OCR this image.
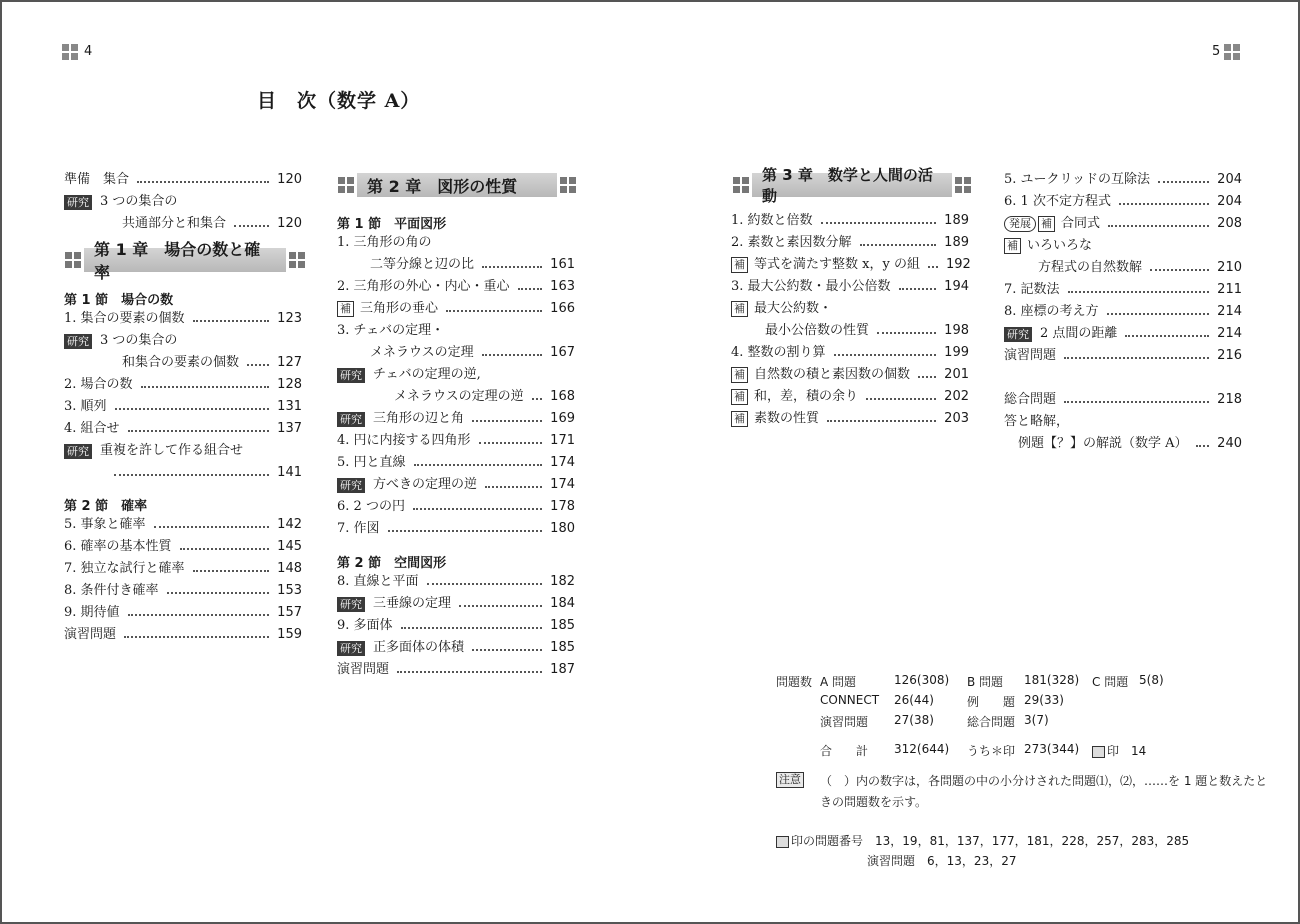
4	5
目　次（数学 A）
準備　集合	120
研究 3 つの集合の
共通部分と和集合	120
第 1 章　場合の数と確率
第 1 節　場合の数
1. 集合の要素の個数	123
研究 3 つの集合の
和集合の要素の個数	127
2. 場合の数	128
3. 順列	131
4. 組合せ	137
研究 重複を許して作る組合せ
141
第 2 節　確率
5. 事象と確率	142
6. 確率の基本性質	145
7. 独立な試行と確率	148
8. 条件付き確率	153
9. 期待値	157
演習問題	159
第 2 章　図形の性質
第 1 節　平面図形
1. 三角形の角の
二等分線と辺の比	161
2. 三角形の外心・内心・重心	163
補 三角形の垂心	166
3. チェバの定理・
メネラウスの定理	167
研究 チェバの定理の逆,
メネラウスの定理の逆 168
研究 三角形の辺と角	169
4. 円に内接する四角形	171
5. 円と直線	174
研究 方べきの定理の逆	174
6. 2 つの円	178
7. 作図	180
第 2 節　空間図形
8. 直線と平面	182
研究 三垂線の定理	184
9. 多面体	185
研究 正多面体の体積	185
演習問題	187
第 3 章　数学と人間の活動
1. 約数と倍数	189
2. 素数と素因数分解	189
補 等式を満たす整数 x，y の組 192
3. 最大公約数・最小公倍数	194
補 最大公約数・
最小公倍数の性質	198
4. 整数の割り算	199
補 自然数の積と素因数の個数	201
補 和，差，積の余り	202
補 素数の性質	203
5. ユークリッドの互除法	204
6. 1 次不定方程式	204
発展 補 合同式	208
補 いろいろな
方程式の自然数解	210
7. 記数法	211
8. 座標の考え方	214
研究 2 点間の距離	214
演習問題	216
総合問題	218
答と略解，
例題【？】の解説（数学 A） 240
問題数 A 問題	126(308) B 問題 181(328) C 問題 5(8)
CONNECT 26(44)	例　　題 29(33)
演習問題 27(38)	総合問題 3(7)
合　　計 312(644) うち＊印 273(344)	印　 14
注意 （　）内の数字は，各問題の中の小分けされた問題⑴，⑵，……を 1 題と数えたと
きの問題数を示す。
印の問題番号　 13，19，81，137，177，181，228，257，283，285
演習問題　 6，13，23，27
